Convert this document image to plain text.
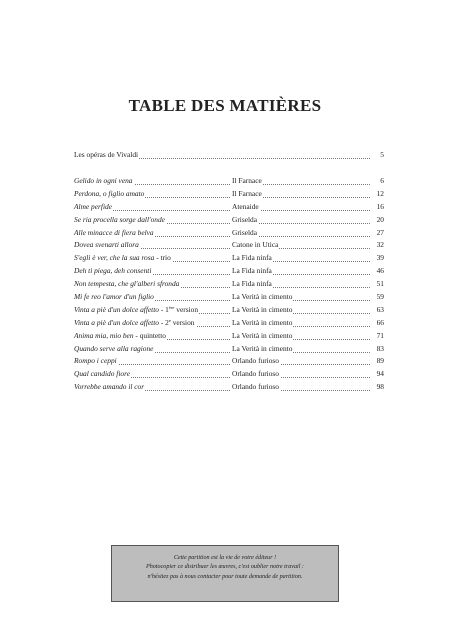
TABLE DES MATIÈRES
Les opéras de Vivaldi	5
Gelido in ogni vena	Il Farnace	6
Perdona, o figlio amato	Il Farnace	12
Alme perfide	Atenaide	16
Se ria procella sorge dall'onde	Griselda	20
Alle minacce di fiera belva	Griselda	27
Dovea svenarti allora	Catone in Utica	32
S'egli è ver, che la sua rosa - trio	La Fida ninfa	39
Deh ti piega, deh consenti	La Fida ninfa	46
Non tempesta, che gl'alberi sfronda	La Fida ninfa	51
Mi fe reo l'amor d'un figlio	La Verità in cimento	59
Vinta a piè d'un dolce affetto - 1ère version	La Verità in cimento	63
Vinta a piè d'un dolce affetto - 2e version	La Verità in cimento	66
Anima mia, mio ben - quintetto	La Verità in cimento	71
Quando serve alla ragione	La Verità in cimento	83
Rompo i ceppi	Orlando furioso	89
Qual candido fiore	Orlando furioso	94
Vorrebbe amando il cor	Orlando furioso	98
Cette partition est la vie de votre éditeur !
Photocopier ce distribuer les œuvres, c'est oublier notre travail :
n'hésitez pas à nous contacter pour toute demande de partition.
